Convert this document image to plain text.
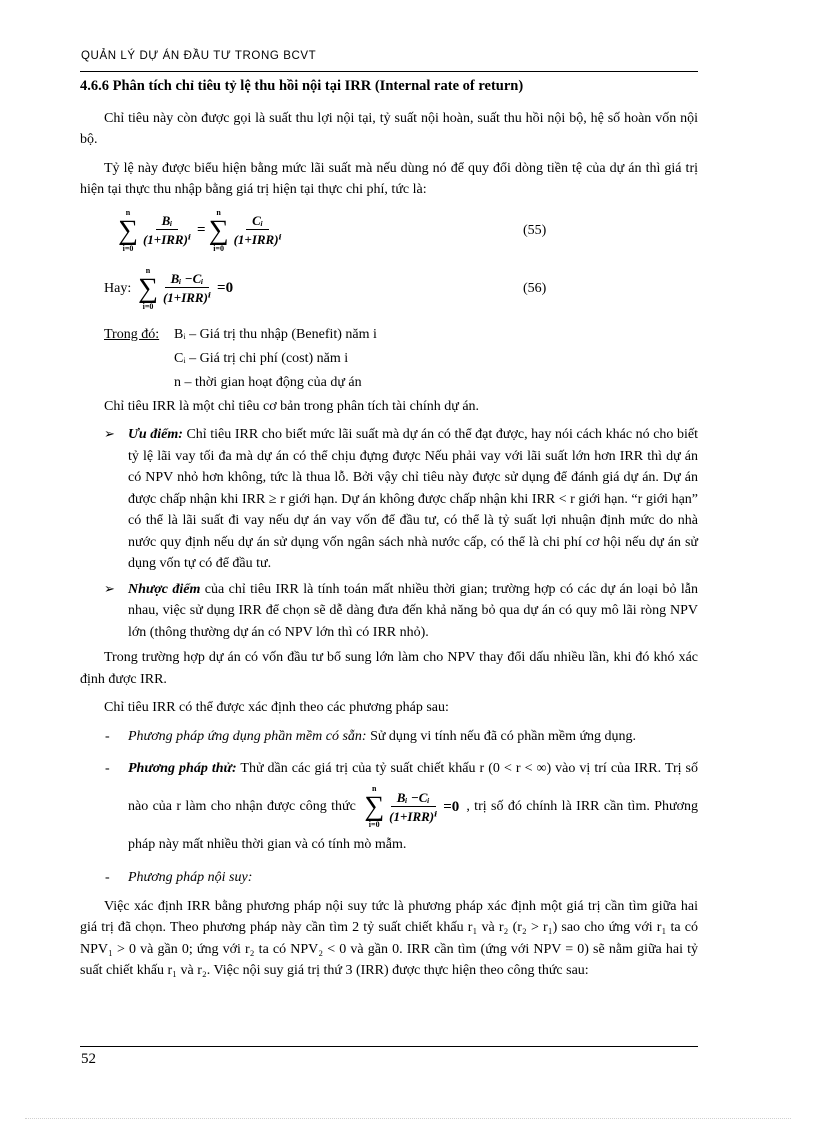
QUẢN LÝ DỰ ÁN ĐẦU TƯ TRONG BCVT

4.6.6 Phân tích chỉ tiêu tỷ lệ thu hồi nội tại IRR (Internal rate of return)

Chỉ tiêu này còn được gọi là suất thu lợi nội tại, tỷ suất nội hoàn, suất thu hồi nội bộ, hệ số hoàn vốn nội bộ.

Tỷ lệ này được biểu hiện bằng mức lãi suất mà nếu dùng nó để quy đổi dòng tiền tệ của dự án thì giá trị hiện tại thực thu nhập bằng giá trị hiện tại thực chi phí, tức là:

n
∑
$i=0 \frac{\text{Bᵢ}}{\text{(1+IRR)ⁱ}}$ =
n
∑
$i=0 \frac{\text{Cᵢ}}{\text{(1+IRR)ⁱ}}$	(55)
Hay:
n
∑
$i=0 \frac{\text{Bᵢ −Cᵢ}}{\text{(1+IRR)ⁱ}} =0$	(56)
Trong đó: Bᵢ – Giá trị thu nhập (Benefit) năm i
Cᵢ – Giá trị chi phí (cost) năm i
n – thời gian hoạt động của dự án

Chỉ tiêu IRR là một chỉ tiêu cơ bản trong phân tích tài chính dự án.

➢ Ưu điểm: Chỉ tiêu IRR cho biết mức lãi suất mà dự án có thể đạt được, hay nói cách khác nó cho biết tỷ lệ lãi vay tối đa mà dự án có thể chịu đựng được Nếu phải vay với lãi suất lớn hơn IRR thì dự án có NPV nhỏ hơn không, tức là thua lỗ. Bởi vậy chỉ tiêu này được sử dụng để đánh giá dự án. Dự án được chấp nhận khi IRR ≥ r giới hạn. Dự án không được chấp nhận khi IRR < r giới hạn. “r giới hạn” có thể là lãi suất đi vay nếu dự án vay vốn để đầu tư, có thể là tỷ suất lợi nhuận định mức do nhà nước quy định nếu dự án sử dụng vốn ngân sách nhà nước cấp, có thể là chi phí cơ hội nếu dự án sử dụng vốn tự có để đầu tư.
➢ Nhược điểm của chỉ tiêu IRR là tính toán mất nhiều thời gian; trường hợp có các dự án loại bỏ lẫn nhau, việc sử dụng IRR để chọn sẽ dễ dàng đưa đến khả năng bỏ qua dự án có quy mô lãi ròng NPV lớn (thông thường dự án có NPV lớn thì có IRR nhỏ).

Trong trường hợp dự án có vốn đầu tư bổ sung lớn làm cho NPV thay đổi dấu nhiều lần, khi đó khó xác định được IRR.

Chỉ tiêu IRR có thể được xác định theo các phương pháp sau:

- Phương pháp ứng dụng phần mềm có sẵn: Sử dụng vi tính nếu đã có phần mềm ứng dụng.
- Phương pháp thử: Thử dần các giá trị của tỷ suất chiết khấu r (0 < r < ∞) vào vị trí của IRR. Trị số nào của r làm cho nhận được công thức
n
∑
$i=0 \frac{\text{Bᵢ −Cᵢ}}{\text{(1+IRR)ⁱ}} =0$ , trị số đó chính là IRR cần tìm. Phương pháp này mất nhiều thời gian và có tính mò mẫm.
- Phương pháp nội suy:

Việc xác định IRR bằng phương pháp nội suy tức là phương pháp xác định một giá trị cần tìm giữa hai giá trị đã chọn. Theo phương pháp này cần tìm 2 tỷ suất chiết khấu r₁ và r₂ (r₂ > r₁) sao cho ứng với r₁ ta có NPV₁ > 0 và gần 0; ứng với r₂ ta có NPV₂ < 0 và gần 0. IRR cần tìm (ứng với NPV = 0) sẽ nằm giữa hai tỷ suất chiết khấu r₁ và r₂. Việc nội suy giá trị thứ 3 (IRR) được thực hiện theo công thức sau:

52
